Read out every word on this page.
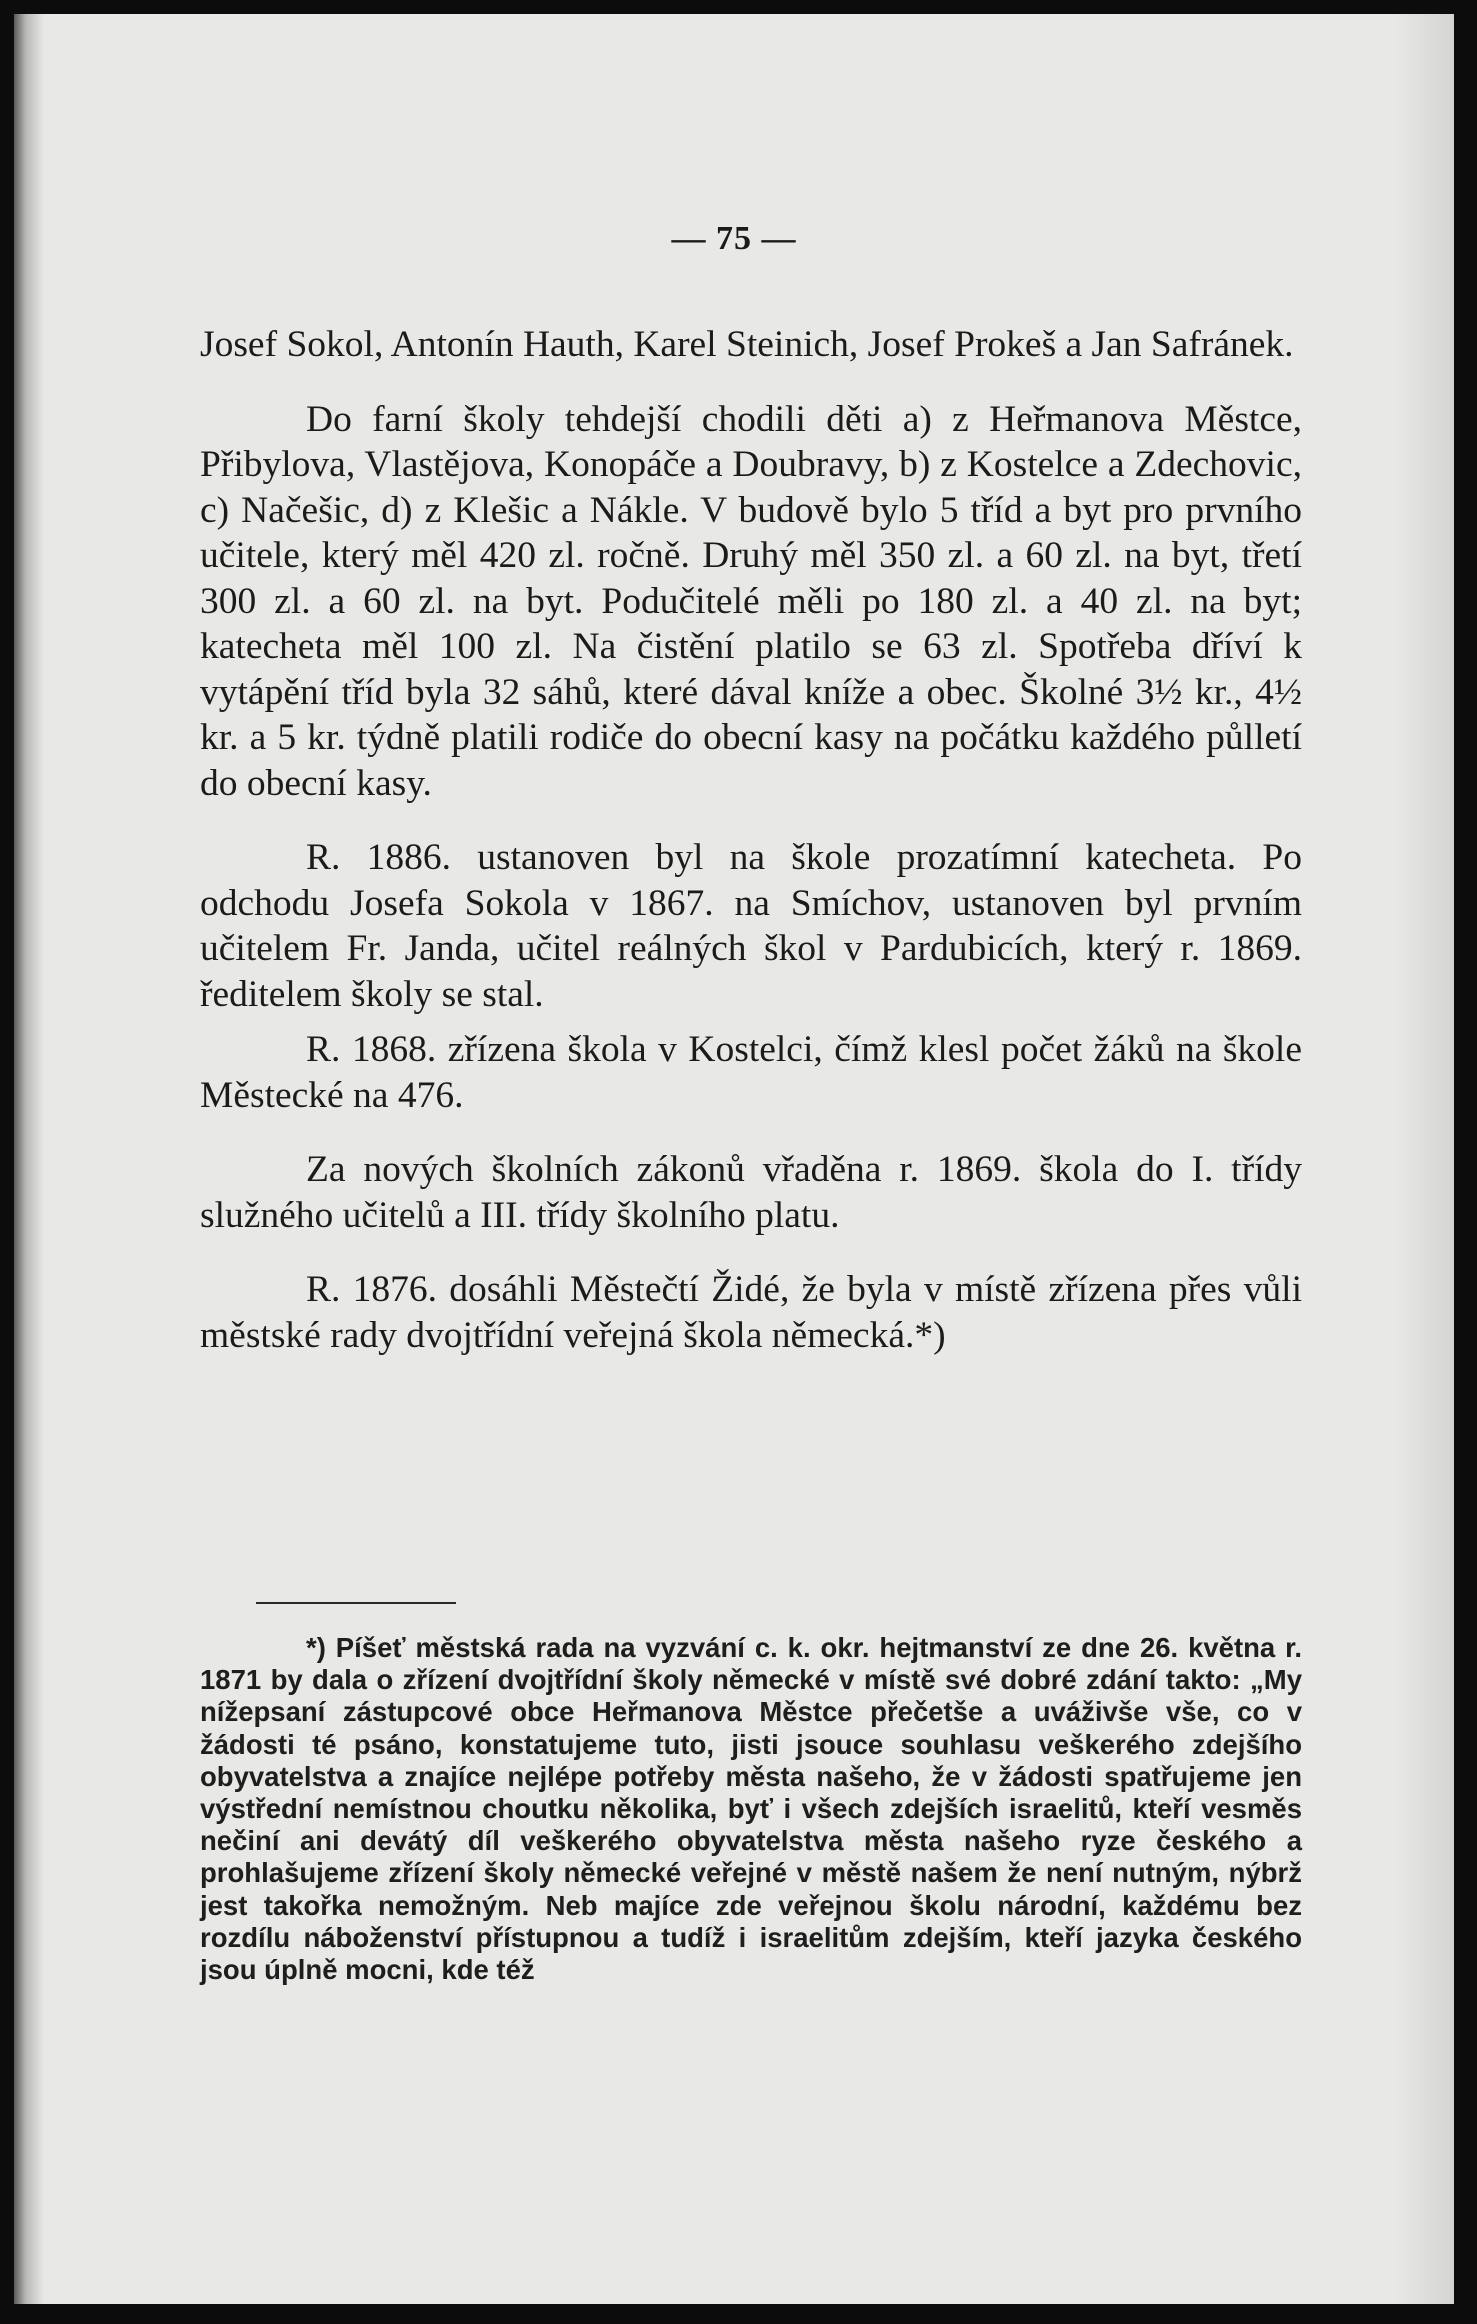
— 75 —

Josef Sokol, Antonín Hauth, Karel Steinich, Josef Prokeš a Jan Safránek.

Do farní školy tehdejší chodili děti a) z Heřmanova Městce, Přibylova, Vlastějova, Konopáče a Doubravy, b) z Kostelce a Zdechovic, c) Načešic, d) z Klešic a Nákle. V budově bylo 5 tříd a byt pro prvního učitele, který měl 420 zl. ročně. Druhý měl 350 zl. a 60 zl. na byt, třetí 300 zl. a 60 zl. na byt. Podučitelé měli po 180 zl. a 40 zl. na byt; katecheta měl 100 zl. Na čistění platilo se 63 zl. Spotřeba dříví k vytápění tříd byla 32 sáhů, které dával kníže a obec. Školné 3½ kr., 4½ kr. a 5 kr. týdně platili rodiče do obecní kasy na počátku každého půlletí do obecní kasy.

R. 1886. ustanoven byl na škole prozatímní katecheta. Po odchodu Josefa Sokola v 1867. na Smíchov, ustanoven byl prvním učitelem Fr. Janda, učitel reálných škol v Pardubicích, který r. 1869. ředitelem školy se stal.

R. 1868. zřízena škola v Kostelci, čímž klesl počet žáků na škole Městecké na 476.

Za nových školních zákonů vřaděna r. 1869. škola do I. třídy služného učitelů a III. třídy školního platu.

R. 1876. dosáhli Městečtí Židé, že byla v místě zřízena přes vůli městské rady dvojtřídní veřejná škola německá.*)

*) Píšeť městská rada na vyzvání c. k. okr. hejtmanství ze dne 26. května r. 1871 by dala o zřízení dvojtřídní školy německé v místě své dobré zdání takto: „My nížepsaní zástupcové obce Heřmanova Městce přečetše a uváživše vše, co v žádosti té psáno, konstatujeme tuto, jisti jsouce souhlasu veškerého zdejšího obyvatelstva a znajíce nejlépe potřeby města našeho, že v žádosti spatřujeme jen výstřední nemístnou choutku několika, byť i všech zdejších israelitů, kteří vesměs nečiní ani devátý díl veškerého obyvatelstva města našeho ryze českého a prohlašujeme zřízení školy německé veřejné v městě našem že není nutným, nýbrž jest takořka nemožným. Neb majíce zde veřejnou školu národní, každému bez rozdílu náboženství přístupnou a tudíž i israelitům zdejším, kteří jazyka českého jsou úplně mocni, kde též
